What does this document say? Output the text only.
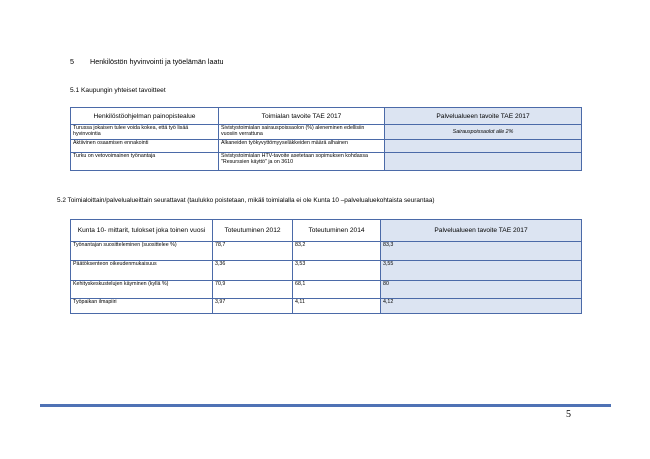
5 Henkilöstön hyvinvointi ja työelämän laatu
5.1 Kaupungin yhteiset tavoitteet
Henkilöstöohjelman painopistealue	Toimialan tavoite TAE 2017	Palvelualueen tavoite TAE 2017
Turussa jokaisen tulee voida kokea, että työ lisää hyvinvointia	Sivistystoimialan sairauspoissaolon (%) aleneminen edellisiin vuosiin verrattuna	Sairauspoissaolot alle 2%
Aktiivinen osaamisen ennakointi	Alkaneiden työkyvyttömyyseläkkeiden määrä alhainen	
Turku on vetovoimainen työnantaja	Sivistystoimialan HTV-tavoite asetetaan sopimuksen kohdassa "Resurssien käyttö" ja on 3610	
5.2 Toimialoittain/palvelualueittain seurattavat (taulukko poistetaan, mikäli toimialalla ei ole Kunta 10 –palvelualuekohtaista seurantaa)
Kunta 10- mittarit, tulokset joka toinen vuosi	Toteutuminen 2012	Toteutuminen 2014	Palvelualueen tavoite TAE 2017
Työnantajan suositteleminen (suosittelee %)	78,7	83,2	83,3
Päätöksenteon oikeudenmukaisuus	3,36	3,53	3,55
Kehityskeskustelujen käyminen (kyllä %)	70,9	68,1	80
Työpaikan ilmapiiri	3,97	4,11	4,12
5
